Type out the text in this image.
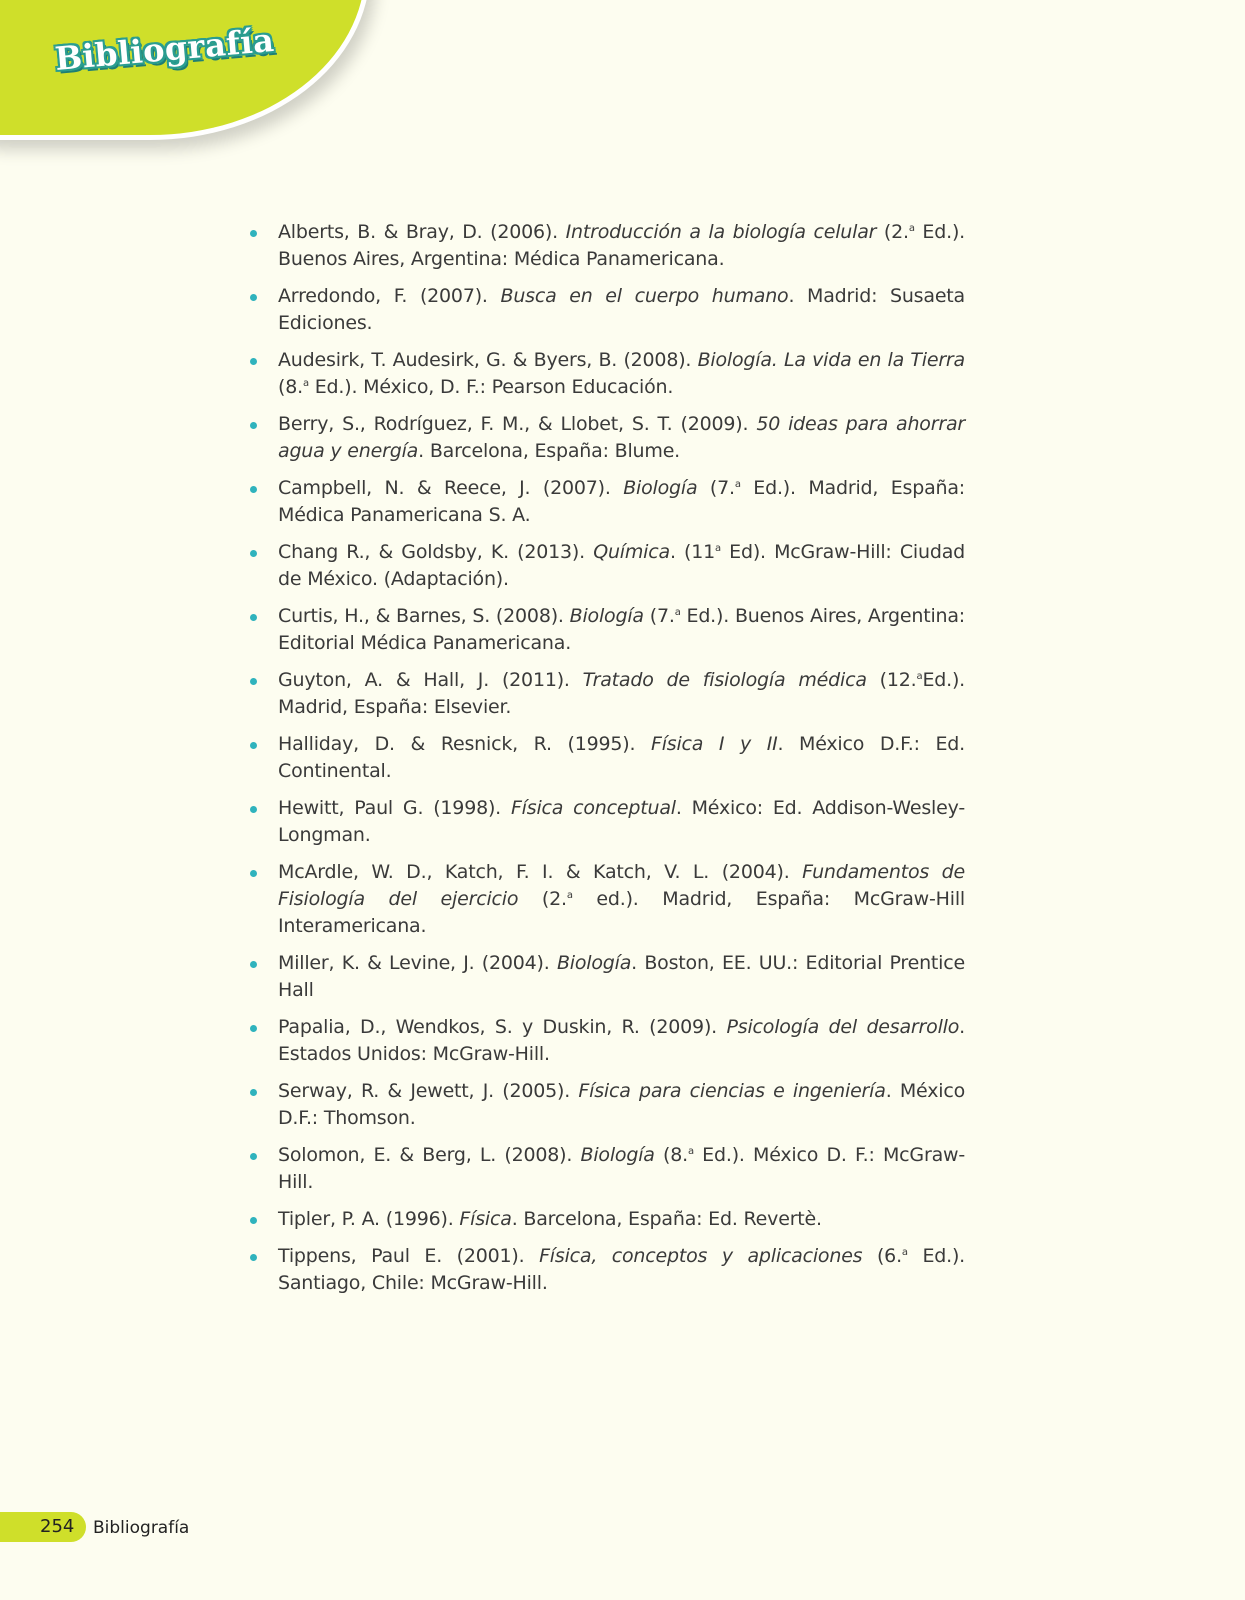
Bibliografía
Alberts, B. & Bray, D. (2006). Introducción a la biología celular (2.$^a$ Ed.). Buenos Aires, Argentina: Médica Panamericana.
Arredondo, F. (2007). Busca en el cuerpo humano. Madrid: Susaeta Ediciones.
Audesirk, T. Audesirk, G. & Byers, B. (2008). Biología. La vida en la Tierra (8.$^a$ Ed.). México, D. F.: Pearson Educación.
Berry, S., Rodríguez, F. M., & Llobet, S. T. (2009). 50 ideas para ahorrar agua y energía. Barcelona, España: Blume.
Campbell, N. & Reece, J. (2007). Biología (7.$^a$ Ed.). Madrid, España: Médica Panamericana S. A.
Chang R., & Goldsby, K. (2013). Química. (11$^a$ Ed). McGraw-Hill: Ciudad de México. (Adaptación).
Curtis, H., & Barnes, S. (2008). Biología (7.$^a$ Ed.). Buenos Aires, Argentina: Editorial Médica Panamericana.
Guyton, A. & Hall, J. (2011). Tratado de fisiología médica (12.$^a$Ed.). Madrid, España: Elsevier.
Halliday, D. & Resnick, R. (1995). Física I y II. México D.F.: Ed. Continental.
Hewitt, Paul G. (1998). Física conceptual. México: Ed. Addison-Wesley-Longman.
McArdle, W. D., Katch, F. I. & Katch, V. L. (2004). Fundamentos de Fisiología del ejercicio (2.$^a$ ed.). Madrid, España: McGraw-Hill Interamericana.
Miller, K. & Levine, J. (2004). Biología. Boston, EE. UU.: Editorial Prentice Hall
Papalia, D., Wendkos, S. y Duskin, R. (2009). Psicología del desarrollo. Estados Unidos: McGraw-Hill.
Serway, R. & Jewett, J. (2005). Física para ciencias e ingeniería. México D.F.: Thomson.
Solomon, E. & Berg, L. (2008). Biología (8.$^a$ Ed.). México D. F.: McGraw-Hill.
Tipler, P. A. (1996). Física. Barcelona, España: Ed. Revertè.
Tippens, Paul E. (2001). Física, conceptos y aplicaciones (6.$^a$ Ed.). Santiago, Chile: McGraw-Hill.
254 Bibliografía
